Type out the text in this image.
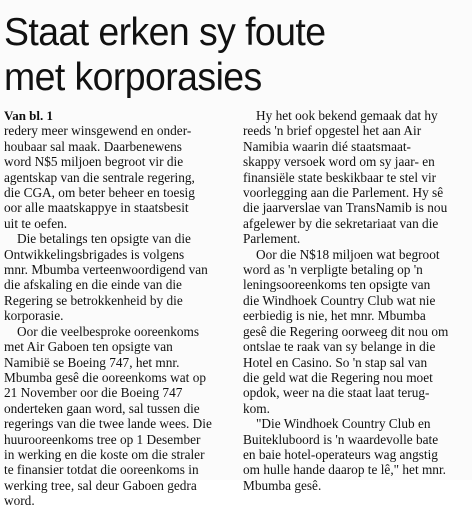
Staat erken sy foute
met korporasies
Van bl. 1
redery meer winsgewend en onder-
houbaar sal maak. Daarbenewens
word N$5 miljoen begroot vir die
agentskap van die sentrale regering,
die CGA, om beter beheer en toesig
oor alle maatskappye in staatsbesit
uit te oefen.
Die betalings ten opsigte van die
Ontwikkelingsbrigades is volgens
mnr. Mbumba verteenwoordigend van
die afskaling en die einde van die
Regering se betrokkenheid by die
korporasie.
Oor die veelbesproke ooreenkoms
met Air Gaboen ten opsigte van
Namibië se Boeing 747, het mnr.
Mbumba gesê die ooreenkoms wat op
21 November oor die Boeing 747
onderteken gaan word, sal tussen die
regerings van die twee lande wees. Die
huurooreenkoms tree op 1 Desember
in werking en die koste om die straler
te finansier totdat die ooreenkoms in
werking tree, sal deur Gaboen gedra
word.
Hy het ook bekend gemaak dat hy
reeds 'n brief opgestel het aan Air
Namibia waarin dié staatsmaat-
skappy versoek word om sy jaar- en
finansiële state beskikbaar te stel vir
voorlegging aan die Parlement. Hy sê
die jaarverslae van TransNamib is nou
afgelewer by die sekretariaat van die
Parlement.
Oor die N$18 miljoen wat begroot
word as 'n verpligte betaling op 'n
leningsooreenkoms ten opsigte van
die Windhoek Country Club wat nie
eerbiedig is nie, het mnr. Mbumba
gesê die Regering oorweeg dit nou om
ontslae te raak van sy belange in die
Hotel en Casino. So 'n stap sal van
die geld wat die Regering nou moet
opdok, weer na die staat laat terug-
kom.
"Die Windhoek Country Club en
Buitekluboord is 'n waardevolle bate
en baie hotel-operateurs wag angstig
om hulle hande daarop te lê," het mnr.
Mbumba gesê.
